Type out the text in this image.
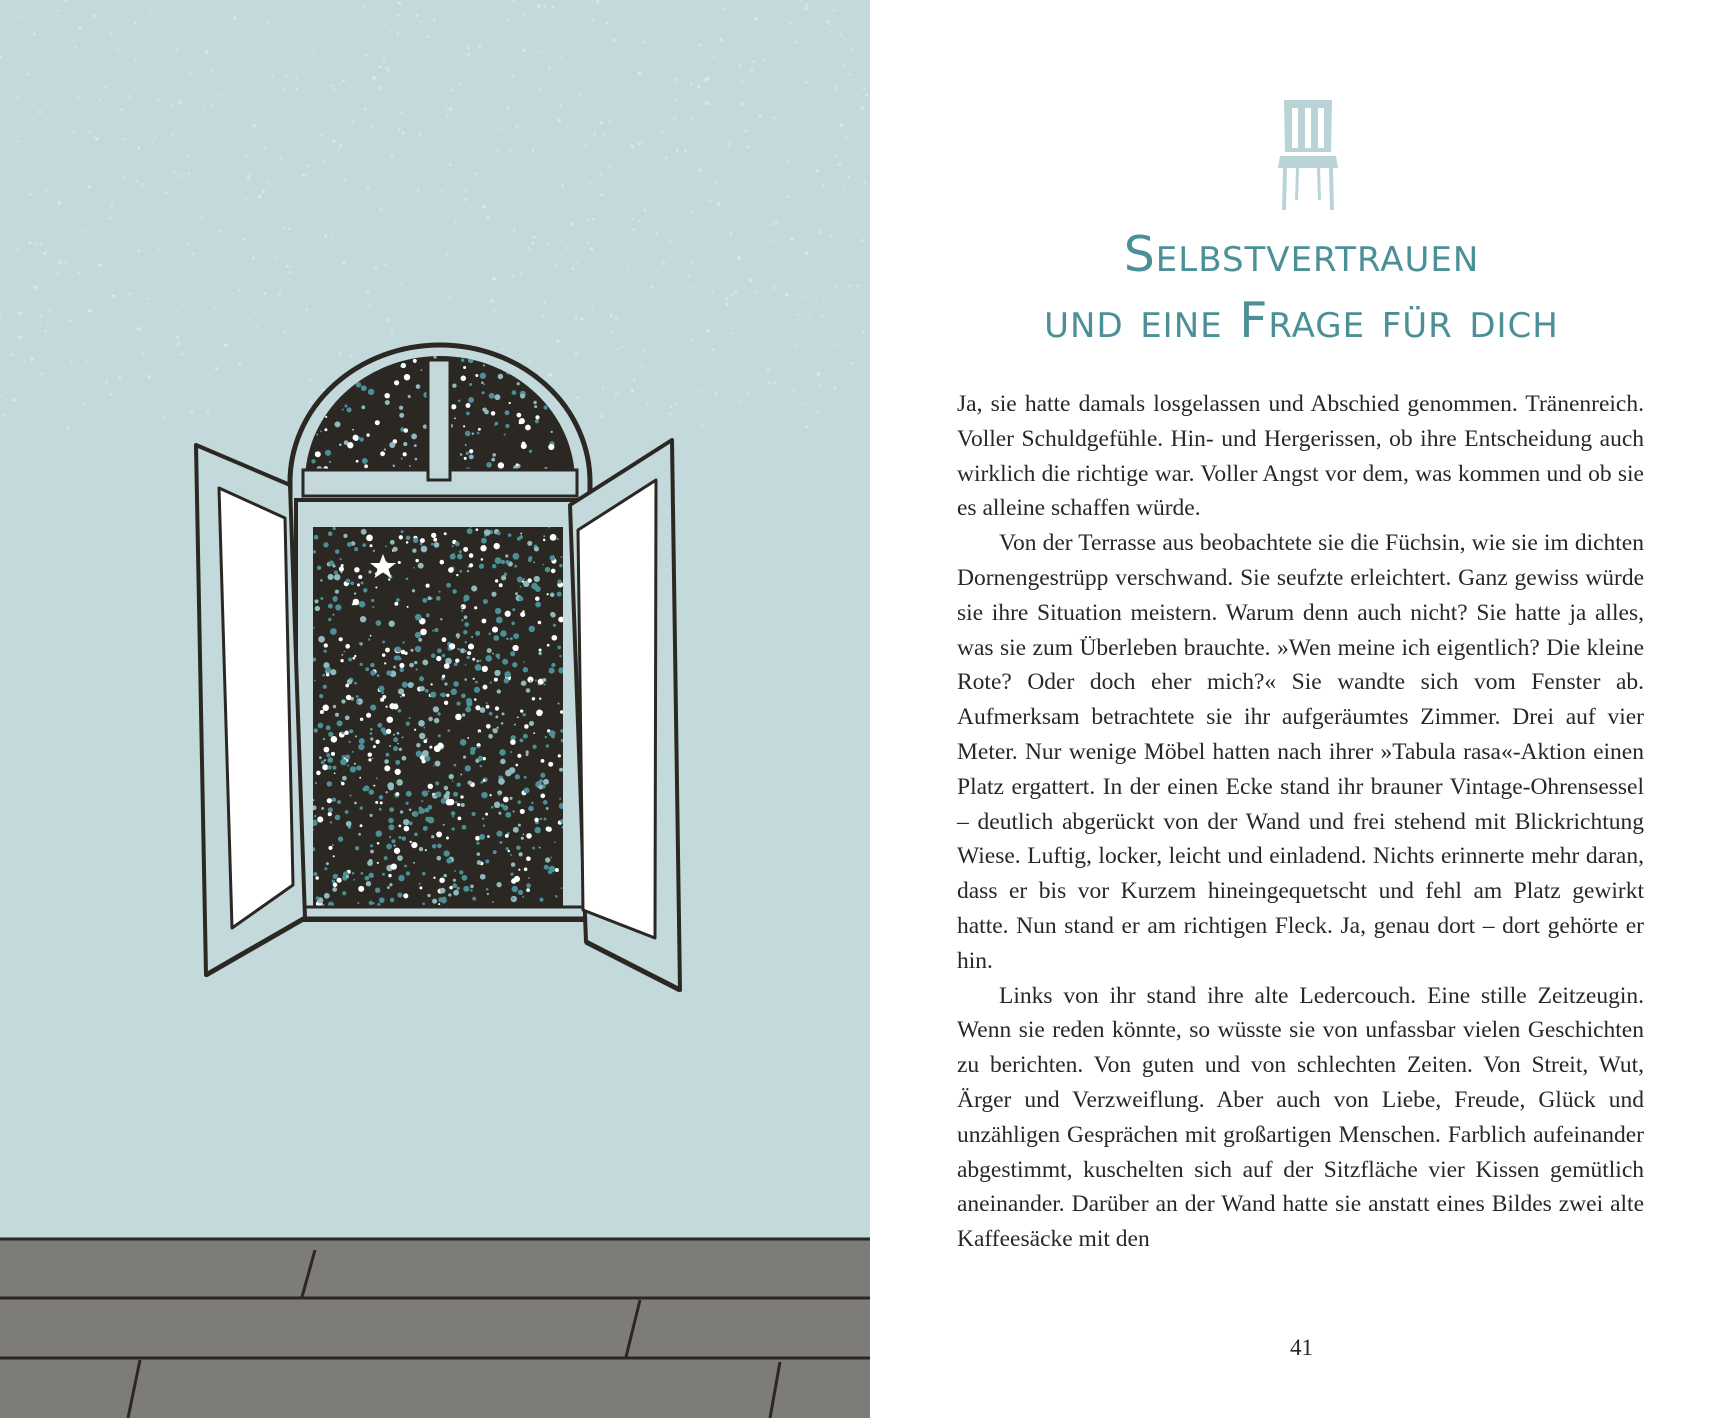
Selbstvertrauen
und eine Frage für dich

Ja, sie hatte damals losgelassen und Abschied genommen. Tränenreich. Voller Schuldgefühle. Hin- und Hergerissen, ob ihre Entscheidung auch wirklich die richtige war. Voller Angst vor dem, was kommen und ob sie es alleine schaffen würde.

Von der Terrasse aus beobachtete sie die Füchsin, wie sie im dichten Dornengestrüpp verschwand. Sie seufzte erleichtert. Ganz gewiss würde sie ihre Situation meistern. Warum denn auch nicht? Sie hatte ja alles, was sie zum Überleben brauchte. »Wen meine ich eigentlich? Die kleine Rote? Oder doch eher mich?« Sie wandte sich vom Fenster ab. Aufmerksam betrachtete sie ihr aufgeräumtes Zimmer. Drei auf vier Meter. Nur wenige Möbel hatten nach ihrer »Tabula rasa«-Aktion einen Platz ergattert. In der einen Ecke stand ihr brauner Vintage-Ohrensessel – deutlich abgerückt von der Wand und frei stehend mit Blickrichtung Wiese. Luftig, locker, leicht und einladend. Nichts erinnerte mehr daran, dass er bis vor Kurzem hineingequetscht und fehl am Platz gewirkt hatte. Nun stand er am richtigen Fleck. Ja, genau dort – dort gehörte er hin.

Links von ihr stand ihre alte Ledercouch. Eine stille Zeitzeugin. Wenn sie reden könnte, so wüsste sie von unfassbar vielen Geschichten zu berichten. Von guten und von schlechten Zeiten. Von Streit, Wut, Ärger und Verzweiflung. Aber auch von Liebe, Freude, Glück und unzähligen Gesprächen mit großartigen Menschen. Farblich aufeinander abgestimmt, kuschelten sich auf der Sitzfläche vier Kissen gemütlich aneinander. Darüber an der Wand hatte sie anstatt eines Bildes zwei alte Kaffeesäcke mit den

41
